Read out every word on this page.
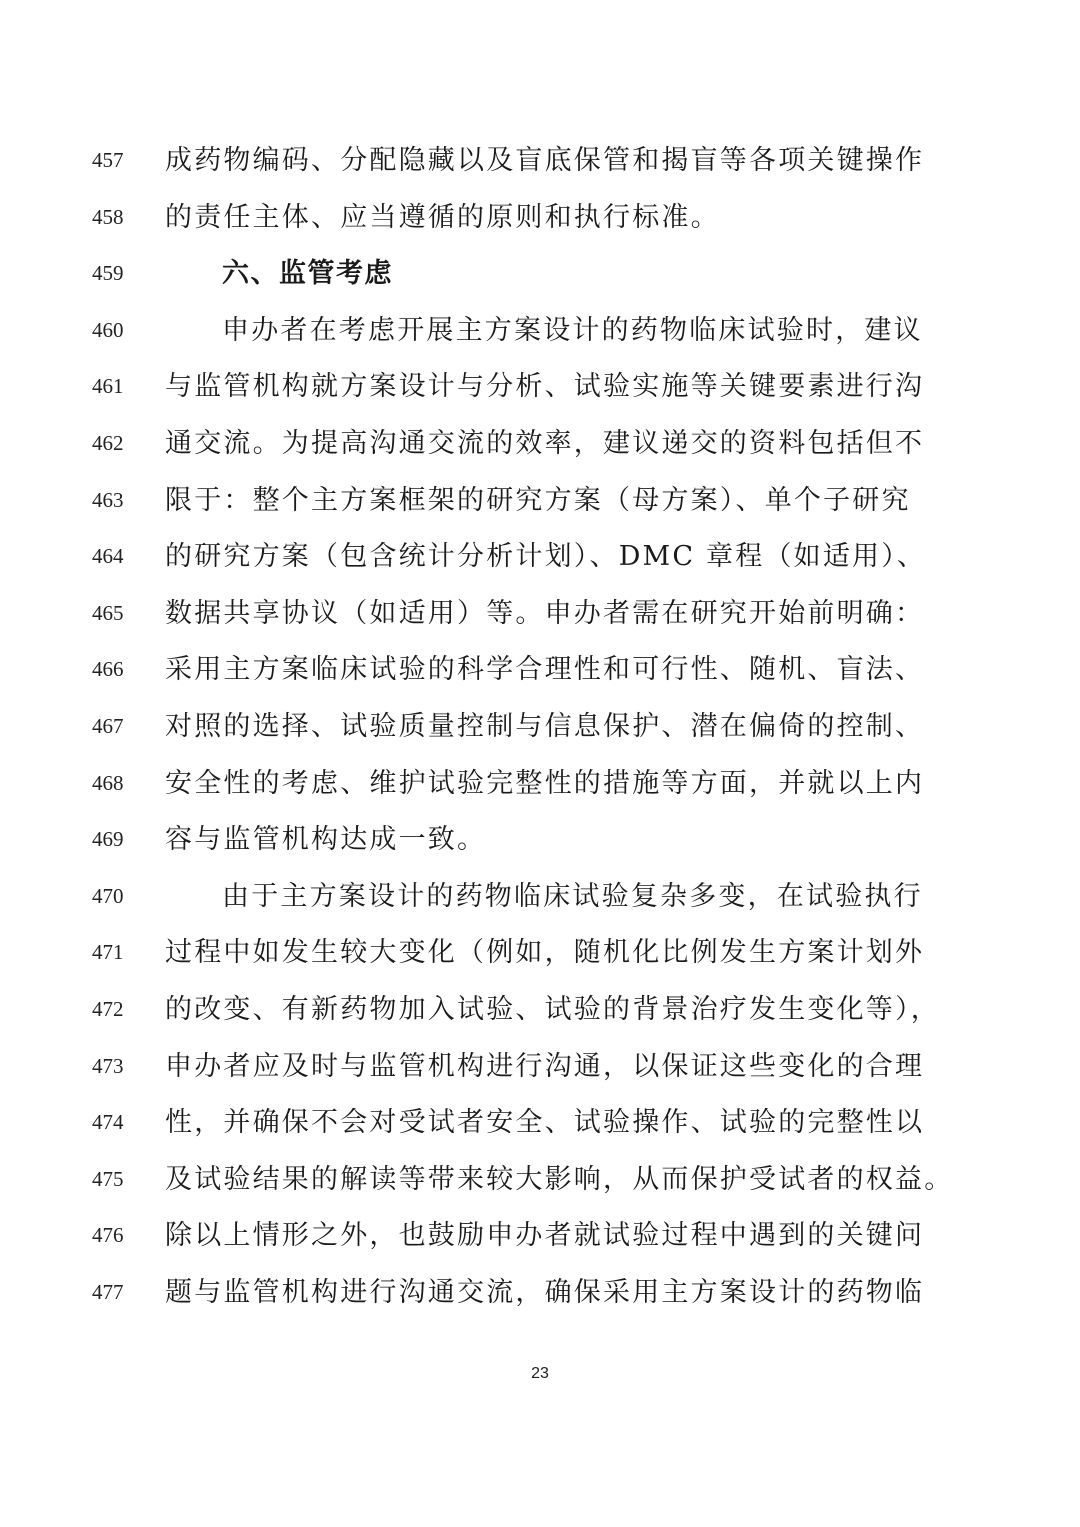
457	成药物编码、分配隐藏以及盲底保管和揭盲等各项关键操作
458	的责任主体、应当遵循的原则和执行标准。
459	六、监管考虑
460	申办者在考虑开展主方案设计的药物临床试验时，建议
461	与监管机构就方案设计与分析、试验实施等关键要素进行沟
462	通交流。为提高沟通交流的效率，建议递交的资料包括但不
463	限于：整个主方案框架的研究方案（母方案）、单个子研究
464	的研究方案（包含统计分析计划）、DMC 章程（如适用）、
465	数据共享协议（如适用）等。申办者需在研究开始前明确：
466	采用主方案临床试验的科学合理性和可行性、随机、盲法、
467	对照的选择、试验质量控制与信息保护、潜在偏倚的控制、
468	安全性的考虑、维护试验完整性的措施等方面，并就以上内
469	容与监管机构达成一致。
470	由于主方案设计的药物临床试验复杂多变，在试验执行
471	过程中如发生较大变化（例如，随机化比例发生方案计划外
472	的改变、有新药物加入试验、试验的背景治疗发生变化等），
473	申办者应及时与监管机构进行沟通，以保证这些变化的合理
474	性，并确保不会对受试者安全、试验操作、试验的完整性以
475	及试验结果的解读等带来较大影响，从而保护受试者的权益。
476	除以上情形之外，也鼓励申办者就试验过程中遇到的关键问
477	题与监管机构进行沟通交流，确保采用主方案设计的药物临
23
